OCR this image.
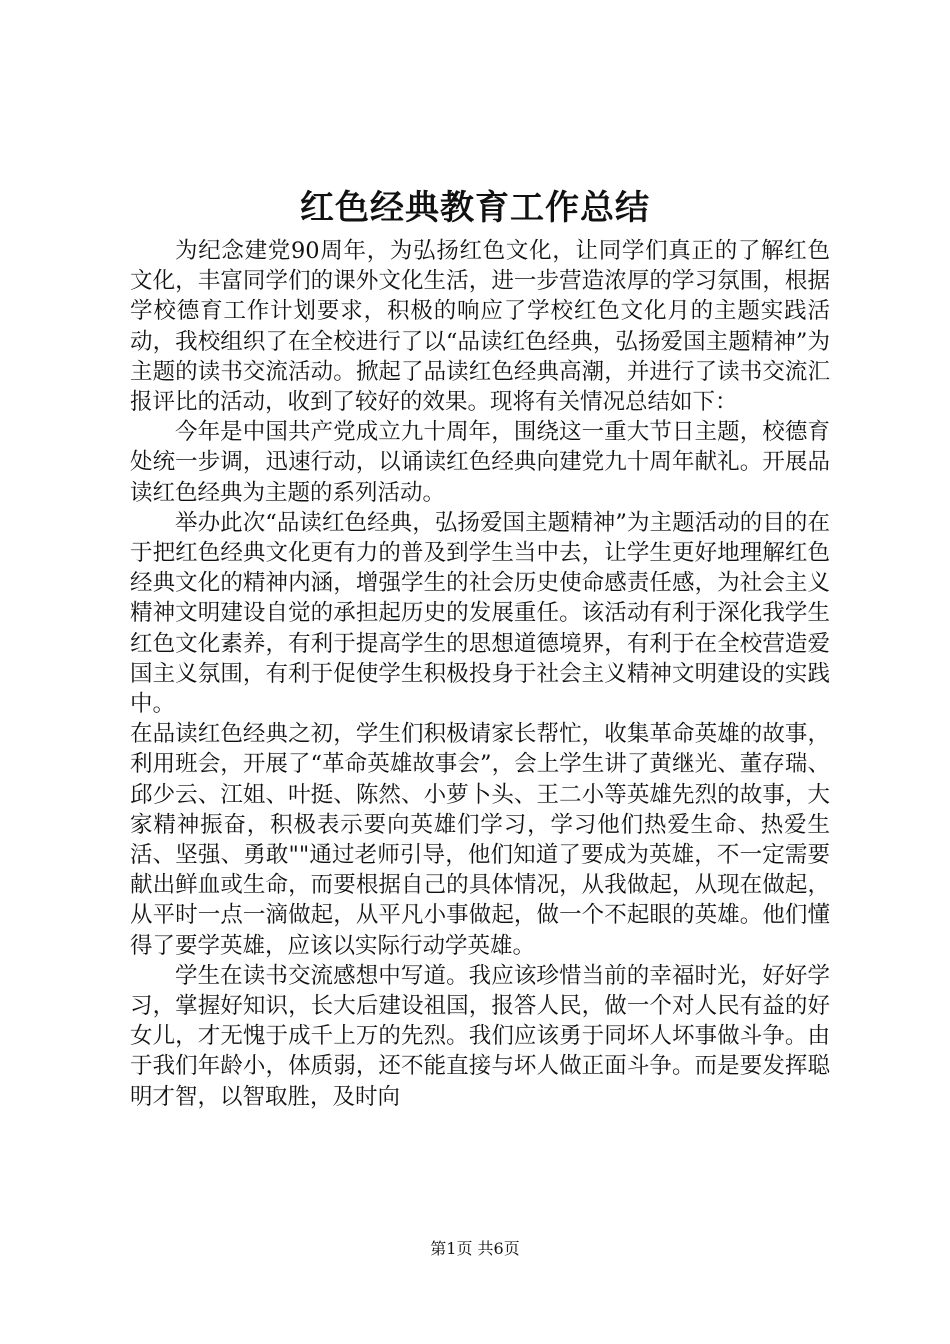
红色经典教育工作总结

为纪念建党90周年，为弘扬红色文化，让同学们真正的了解红色文化，丰富同学们的课外文化生活，进一步营造浓厚的学习氛围，根据学校德育工作计划要求，积极的响应了学校红色文化月的主题实践活动，我校组织了在全校进行了以“品读红色经典，弘扬爱国主题精神”为主题的读书交流活动。掀起了品读红色经典高潮，并进行了读书交流汇报评比的活动，收到了较好的效果。现将有关情况总结如下：

今年是中国共产党成立九十周年，围绕这一重大节日主题，校德育处统一步调，迅速行动，以诵读红色经典向建党九十周年献礼。开展品读红色经典为主题的系列活动。

举办此次“品读红色经典，弘扬爱国主题精神”为主题活动的目的在于把红色经典文化更有力的普及到学生当中去，让学生更好地理解红色经典文化的精神内涵，增强学生的社会历史使命感责任感，为社会主义精神文明建设自觉的承担起历史的发展重任。该活动有利于深化我学生红色文化素养，有利于提高学生的思想道德境界，有利于在全校营造爱国主义氛围，有利于促使学生积极投身于社会主义精神文明建设的实践中。

在品读红色经典之初，学生们积极请家长帮忙，收集革命英雄的故事，利用班会，开展了“革命英雄故事会”，会上学生讲了黄继光、董存瑞、邱少云、江姐、叶挺、陈然、小萝卜头、王二小等英雄先烈的故事，大家精神振奋，积极表示要向英雄们学习，学习他们热爱生命、热爱生活、坚强、勇敢""通过老师引导，他们知道了要成为英雄，不一定需要献出鲜血或生命，而要根据自己的具体情况，从我做起，从现在做起，从平时一点一滴做起，从平凡小事做起，做一个不起眼的英雄。他们懂得了要学英雄，应该以实际行动学英雄。

学生在读书交流感想中写道。我应该珍惜当前的幸福时光，好好学习，掌握好知识，长大后建设祖国，报答人民，做一个对人民有益的好女儿，才无愧于成千上万的先烈。我们应该勇于同坏人坏事做斗争。由于我们年龄小，体质弱，还不能直接与坏人做正面斗争。而是要发挥聪明才智，以智取胜，及时向

第1页 共6页
